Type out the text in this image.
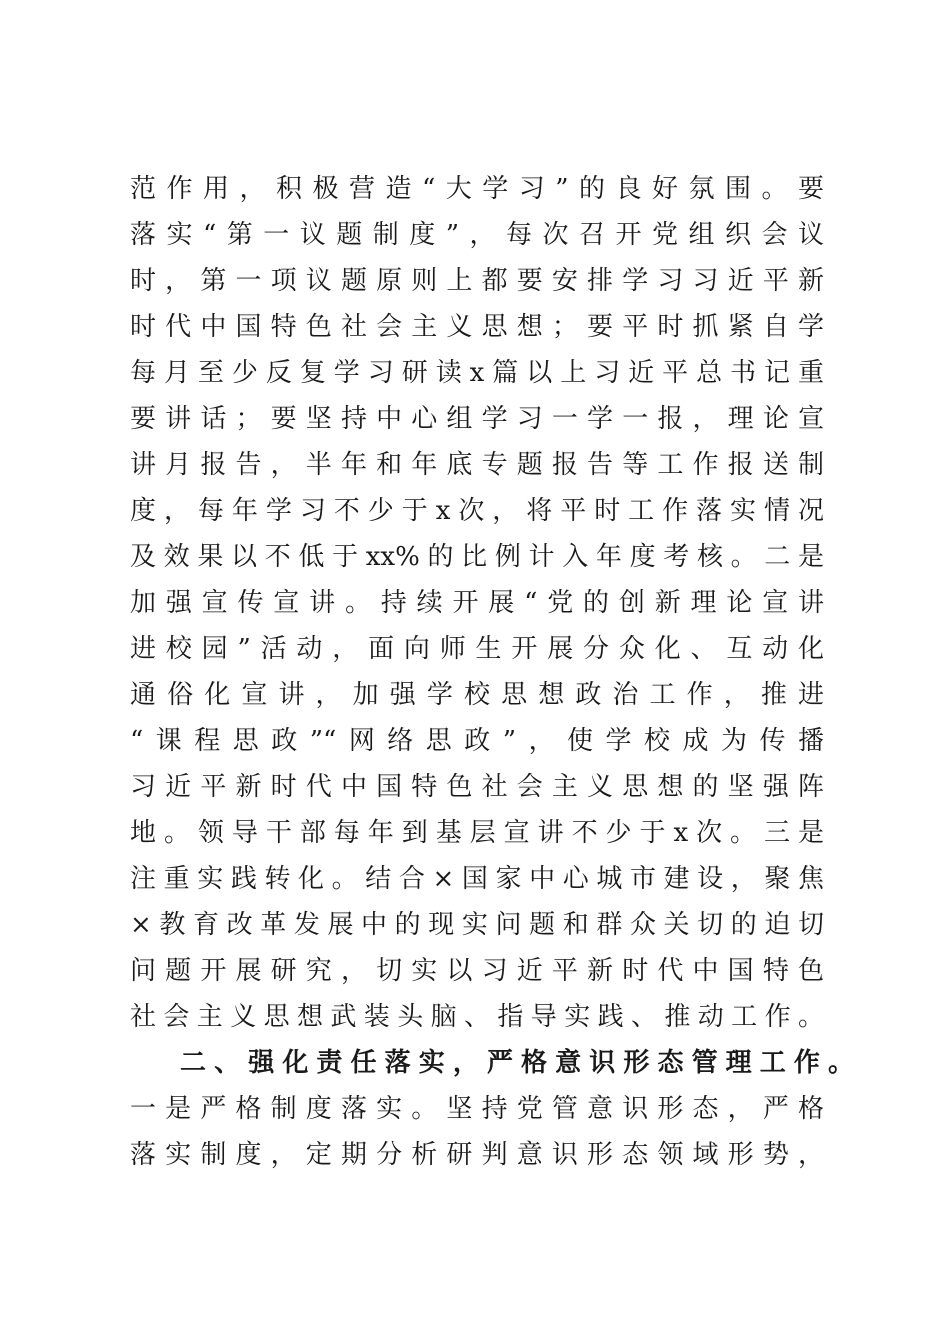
范作用，积极营造“大学习”的良好氛围。要
落实“第一议题制度”，每次召开党组织会议
时，第一项议题原则上都要安排学习习近平新
时代中国特色社会主义思想；要平时抓紧自学
每月至少反复学习研读x篇以上习近平总书记重
要讲话；要坚持中心组学习一学一报，理论宣
讲月报告，半年和年底专题报告等工作报送制
度，每年学习不少于x次，将平时工作落实情况
及效果以不低于xx%的比例计入年度考核。二是
加强宣传宣讲。持续开展“党的创新理论宣讲
进校园”活动，面向师生开展分众化、互动化
通俗化宣讲，加强学校思想政治工作，推进
“课程思政”“网络思政”，使学校成为传播
习近平新时代中国特色社会主义思想的坚强阵
地。领导干部每年到基层宣讲不少于x次。三是
注重实践转化。结合×国家中心城市建设，聚焦
×教育改革发展中的现实问题和群众关切的迫切
问题开展研究，切实以习近平新时代中国特色
社会主义思想武装头脑、指导实践、推动工作。
二、强化责任落实，严格意识形态管理工作。
一是严格制度落实。坚持党管意识形态，严格
落实制度，定期分析研判意识形态领域形势，
